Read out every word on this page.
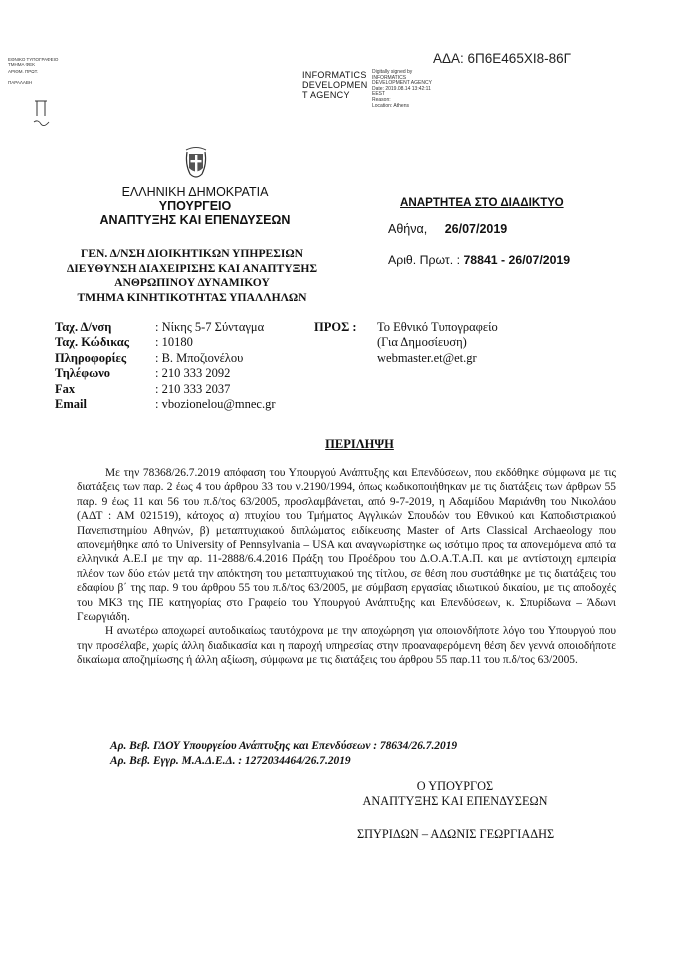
ΕΘΝΙΚΟ ΤΥΠΟΓΡΑΦΕΙΟ
ΤΜΗΜΑ ΦΕΚ
ΑΡΙΘΜ. ΠΡΩΤ.
ΠΑΡΑΛΑΒΗ
INFORMATICS
DEVELOPMEN
T AGENCY
Digitally signed by
INFORMATICS
DEVELOPMENT AGENCY
Date: 2019.08.14 13:42:11
EEST
Reason:
Location: Athens
ΑΔΑ: 6Π6Ε465ΧΙ8-86Γ
ΕΛΛΗΝΙΚΗ ΔΗΜΟΚΡΑΤΙΑ
ΥΠΟΥΡΓΕΙΟ
ΑΝΑΠΤΥΞΗΣ ΚΑΙ ΕΠΕΝΔΥΣΕΩΝ
ΓΕΝ. Δ/ΝΣΗ ΔΙΟΙΚΗΤΙΚΩΝ ΥΠΗΡΕΣΙΩΝ
ΔΙΕΥΘΥΝΣΗ ΔΙΑΧΕΙΡΙΣΗΣ ΚΑΙ ΑΝΑΠΤΥΞΗΣ
ΑΝΘΡΩΠΙΝΟΥ ΔΥΝΑΜΙΚΟΥ
ΤΜΗΜΑ ΚΙΝΗΤΙΚΟΤΗΤΑΣ ΥΠΑΛΛΗΛΩΝ
ΑΝΑΡΤΗΤΕΑ ΣΤΟ ΔΙΑΔΙΚΤΥΟ
Αθήνα, 26/07/2019
Αριθ. Πρωτ. : 78841 - 26/07/2019
Ταχ. Δ/νση	: Νίκης 5-7 Σύνταγμα
Ταχ. Κώδικας	: 10180
Πληροφορίες	: Β. Μποζιονέλου
Τηλέφωνο	: 210 333 2092
Fax	: 210 333 2037
Email	: vbozionelou@mnec.gr
ΠΡΟΣ : Το Εθνικό Τυπογραφείο
(Για Δημοσίευση)
webmaster.et@et.gr
ΠΕΡΙΛΗΨΗ

Με την 78368/26.7.2019 απόφαση του Υπουργού Ανάπτυξης και Επενδύσεων, που εκδόθηκε σύμφωνα με τις διατάξεις των παρ. 2 έως 4 του άρθρου 33 του ν.2190/1994, όπως κωδικοποιήθηκαν με τις διατάξεις των άρθρων 55 παρ. 9 έως 11 και 56 του π.δ/τος 63/2005, προσλαμβάνεται, από 9-7-2019, η Αδαμίδου Μαριάνθη του Νικολάου (ΑΔΤ : ΑΜ 021519), κάτοχος α) πτυχίου του Τμήματος Αγγλικών Σπουδών του Εθνικού και Καποδιστριακού Πανεπιστημίου Αθηνών, β) μεταπτυχιακού διπλώματος ειδίκευσης Master of Arts Classical Archaeology που απονεμήθηκε από το University of Pennsylvania – USA και αναγνωρίστηκε ως ισότιμο προς τα απονεμόμενα από τα ελληνικά Α.Ε.Ι με την αρ. 11-2888/6.4.2016 Πράξη του Προέδρου του Δ.Ο.Α.Τ.Α.Π. και με αντίστοιχη εμπειρία πλέον των δύο ετών μετά την απόκτηση του μεταπτυχιακού της τίτλου, σε θέση που συστάθηκε με τις διατάξεις του εδαφίου β΄ της παρ. 9 του άρθρου 55 του π.δ/τος 63/2005, με σύμβαση εργασίας ιδιωτικού δικαίου, με τις αποδοχές του ΜΚ3 της ΠΕ κατηγορίας στο Γραφείο του Υπουργού Ανάπτυξης και Επενδύσεων, κ. Σπυρίδωνα – Άδωνι Γεωργιάδη.

Η ανωτέρω αποχωρεί αυτοδικαίως ταυτόχρονα με την αποχώρηση για οποιονδήποτε λόγο του Υπουργού που την προσέλαβε, χωρίς άλλη διαδικασία και η παροχή υπηρεσίας στην προαναφερόμενη θέση δεν γεννά οποιοδήποτε δικαίωμα αποζημίωσης ή άλλη αξίωση, σύμφωνα με τις διατάξεις του άρθρου 55 παρ.11 του π.δ/τος 63/2005.

Αρ. Βεβ. ΓΔΟΥ Υπουργείου Ανάπτυξης και Επενδύσεων : 78634/26.7.2019
Αρ. Βεβ. Εγγρ. Μ.Α.Δ.Ε.Δ. : 1272034464/26.7.2019
Ο ΥΠΟΥΡΓΟΣ
ΑΝΑΠΤΥΞΗΣ ΚΑΙ ΕΠΕΝΔΥΣΕΩΝ
ΣΠΥΡΙΔΩΝ – ΑΔΩΝΙΣ ΓΕΩΡΓΙΑΔΗΣ
